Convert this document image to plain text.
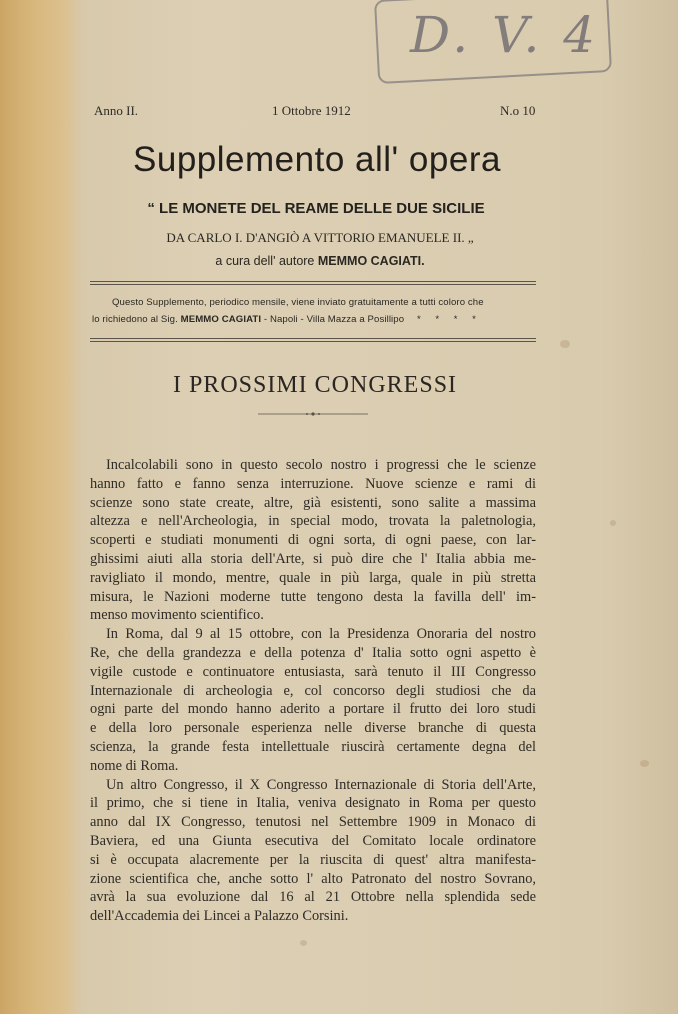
D. V. 4
Anno II.	1 Ottobre 1912	N.o 10
Supplemento all' opera
“ LE MONETE DEL REAME DELLE DUE SICILIE
DA CARLO I. D'ANGIÒ A VITTORIO EMANUELE II. „
a cura dell' autore MEMMO CAGIATI.
Questo Supplemento, periodico mensile, viene inviato gratuitamente a tutti coloro che
lo richiedono al Sig. MEMMO CAGIATI - Napoli - Villa Mazza a Posillipo * * * *
I PROSSIMI CONGRESSI
Incalcolabili sono in questo secolo nostro i progressi che le scienze
hanno fatto e fanno senza interruzione. Nuove scienze e rami di
scienze sono state create, altre, già esistenti, sono salite a massima
altezza e nell'Archeologia, in special modo, trovata la paletnologia,
scoperti e studiati monumenti di ogni sorta, di ogni paese, con lar-
ghissimi aiuti alla storia dell'Arte, si può dire che l' Italia abbia me-
ravigliato il mondo, mentre, quale in più larga, quale in più stretta
misura, le Nazioni moderne tutte tengono desta la favilla dell' im-
menso movimento scientifico.
In Roma, dal 9 al 15 ottobre, con la Presidenza Onoraria del nostro
Re, che della grandezza e della potenza d' Italia sotto ogni aspetto è
vigile custode e continuatore entusiasta, sarà tenuto il III Congresso
Internazionale di archeologia e, col concorso degli studiosi che da
ogni parte del mondo hanno aderito a portare il frutto dei loro studi
e della loro personale esperienza nelle diverse branche di questa
scienza, la grande festa intellettuale riuscirà certamente degna del
nome di Roma.
Un altro Congresso, il X Congresso Internazionale di Storia dell'Arte,
il primo, che si tiene in Italia, veniva designato in Roma per questo
anno dal IX Congresso, tenutosi nel Settembre 1909 in Monaco di
Baviera, ed una Giunta esecutiva del Comitato locale ordinatore
si è occupata alacremente per la riuscita di quest' altra manifesta-
zione scientifica che, anche sotto l' alto Patronato del nostro Sovrano,
avrà la sua evoluzione dal 16 al 21 Ottobre nella splendida sede
dell'Accademia dei Lincei a Palazzo Corsini.
